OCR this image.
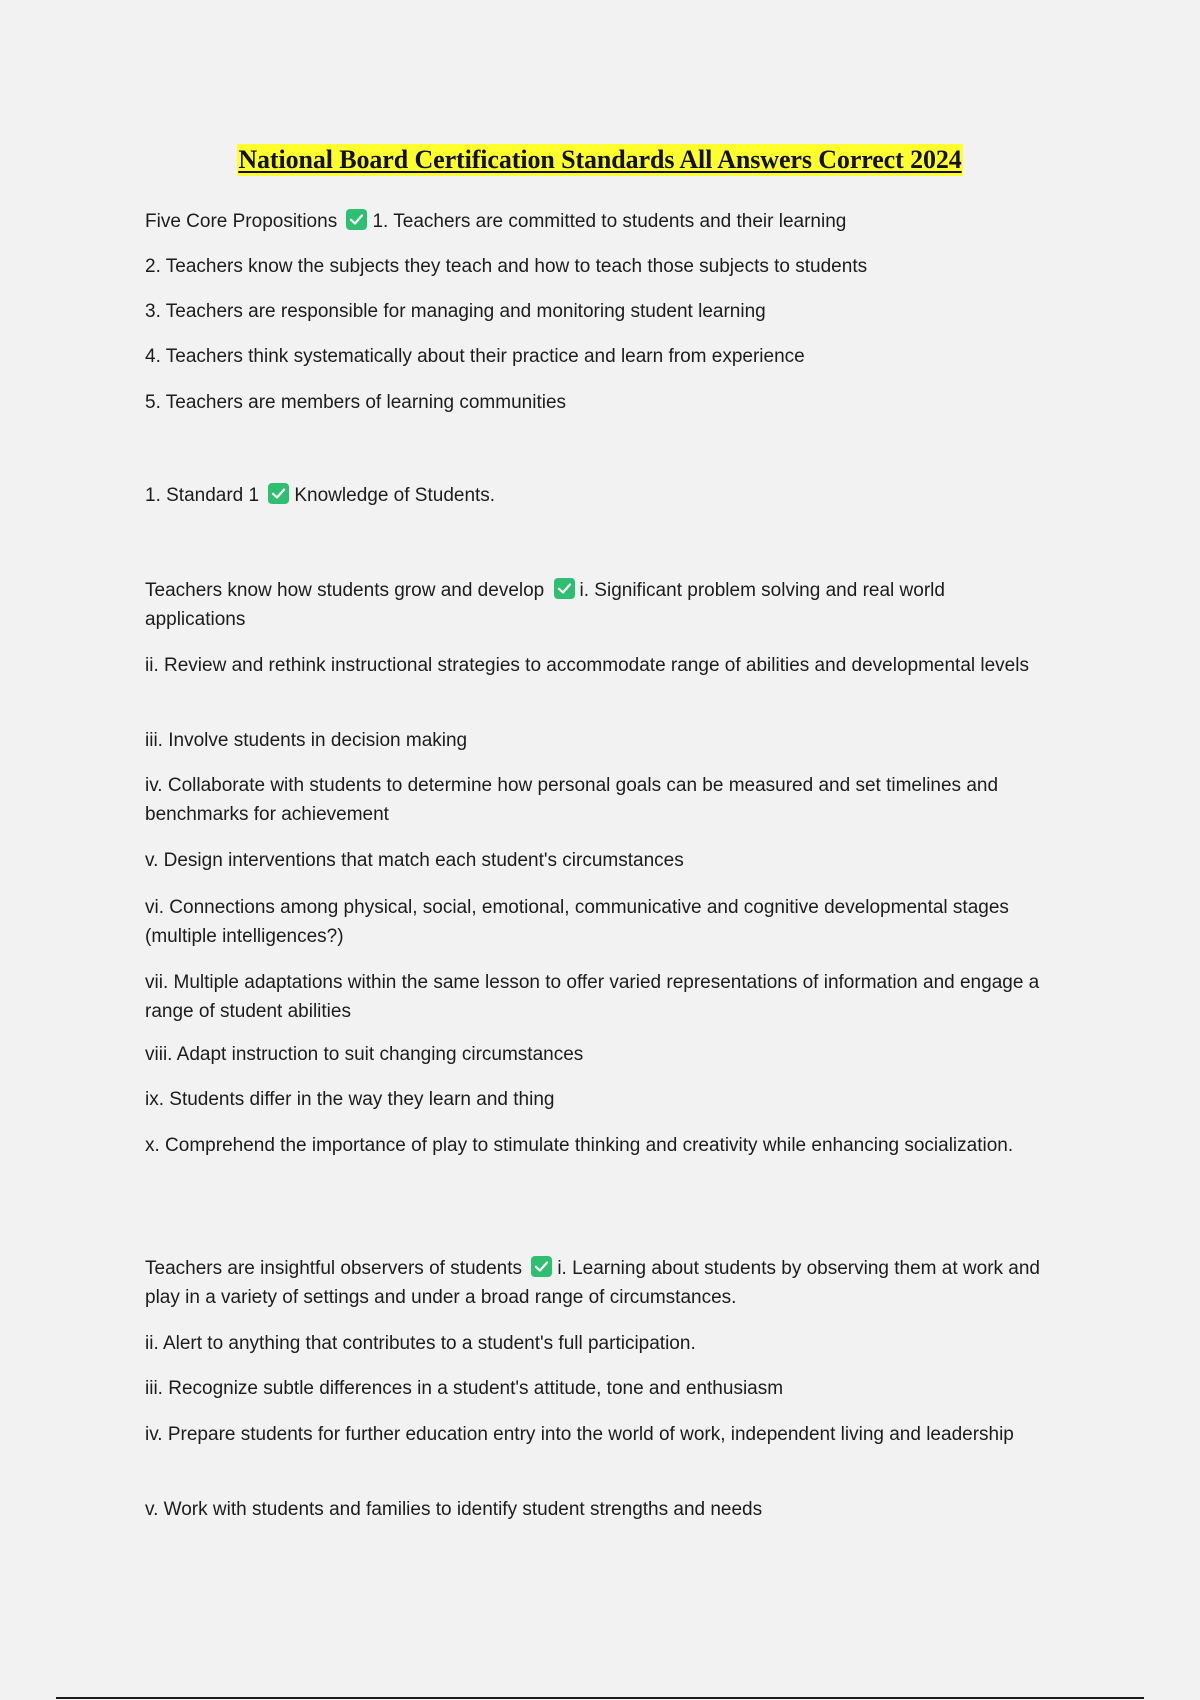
National Board Certification Standards All Answers Correct 2024
Five Core Propositions 1. Teachers are committed to students and their learning
2. Teachers know the subjects they teach and how to teach those subjects to students
3. Teachers are responsible for managing and monitoring student learning
4. Teachers think systematically about their practice and learn from experience
5. Teachers are members of learning communities
1. Standard 1 Knowledge of Students.
Teachers know how students grow and develop i. Significant problem solving and real world applications
ii. Review and rethink instructional strategies to accommodate range of abilities and developmental levels
iii. Involve students in decision making
iv. Collaborate with students to determine how personal goals can be measured and set timelines and benchmarks for achievement
v. Design interventions that match each student's circumstances
vi. Connections among physical, social, emotional, communicative and cognitive developmental stages (multiple intelligences?)
vii. Multiple adaptations within the same lesson to offer varied representations of information and engage a range of student abilities
viii. Adapt instruction to suit changing circumstances
ix. Students differ in the way they learn and thing
x. Comprehend the importance of play to stimulate thinking and creativity while enhancing socialization.
Teachers are insightful observers of students i. Learning about students by observing them at work and play in a variety of settings and under a broad range of circumstances.
ii. Alert to anything that contributes to a student's full participation.
iii. Recognize subtle differences in a student's attitude, tone and enthusiasm
iv. Prepare students for further education entry into the world of work, independent living and leadership
v. Work with students and families to identify student strengths and needs
